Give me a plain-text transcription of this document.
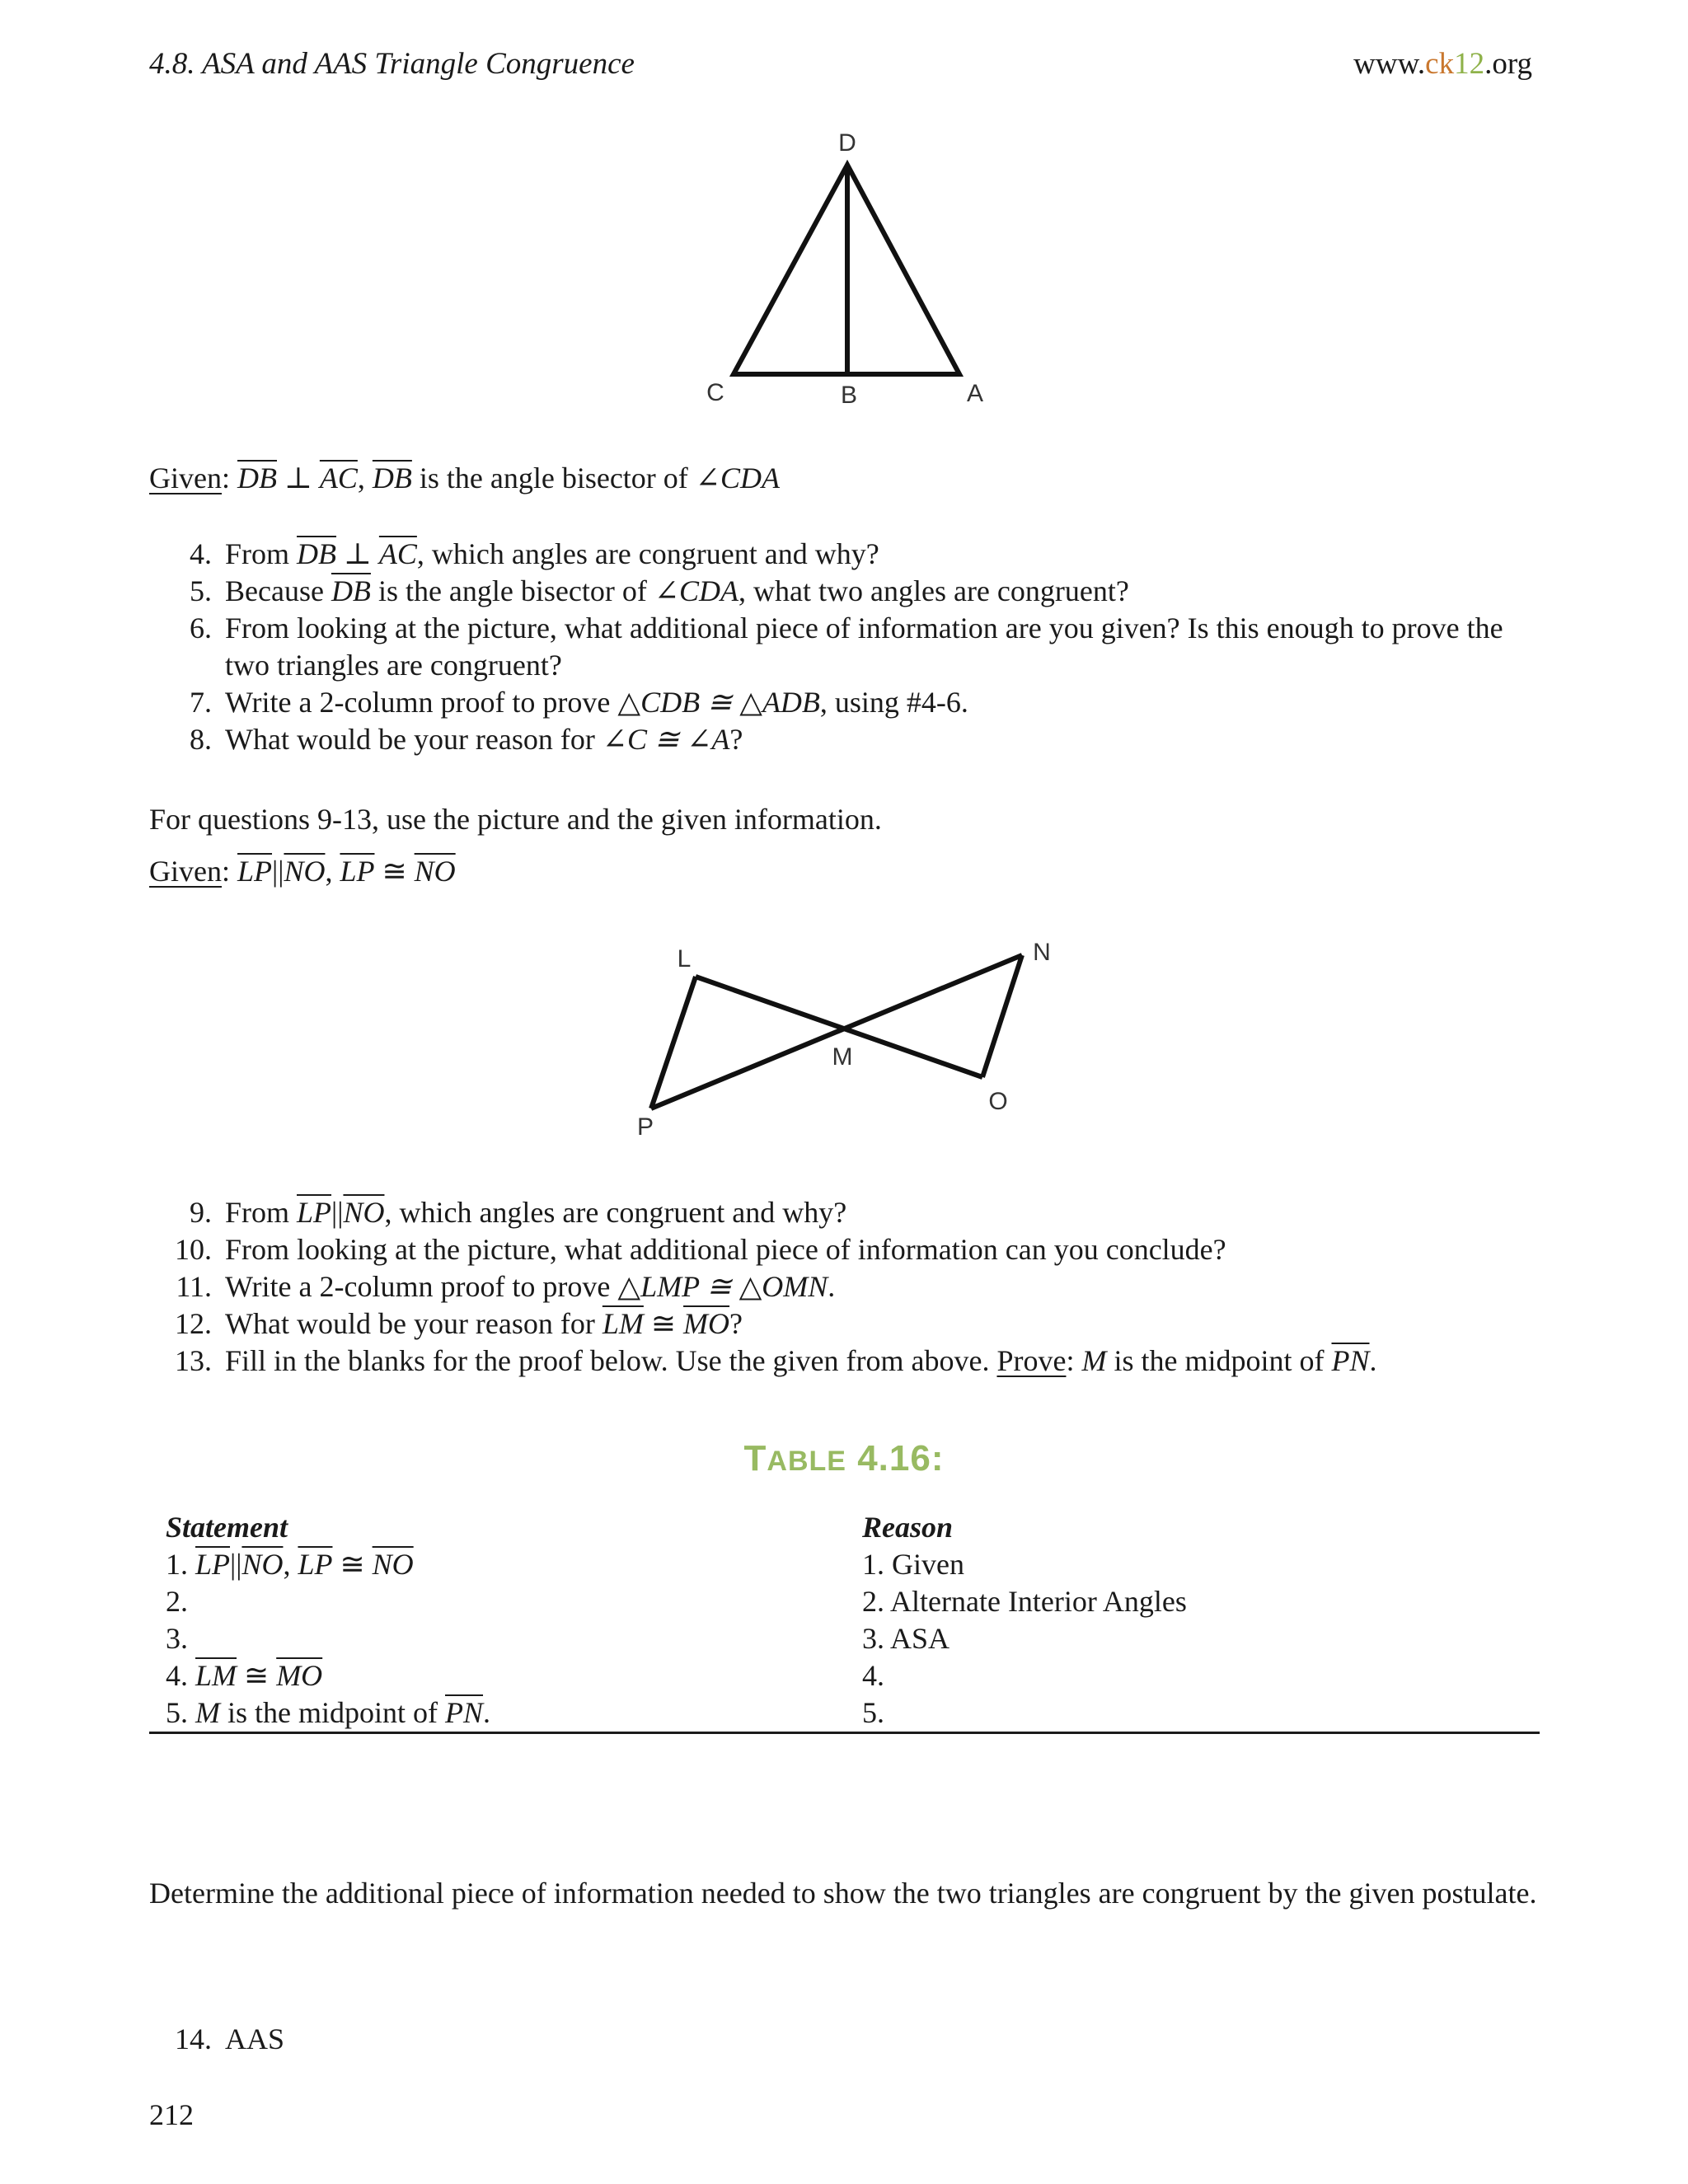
4.8. ASA and AAS Triangle Congruence	www.ck12.org
D
C	B	A
Given: $\overline{DB}$ ⊥ $\overline{AC}$, $\overline{DB}$ is the angle bisector of ∠CDA
4. From $\overline{DB}$ ⊥ $\overline{AC}$, which angles are congruent and why?
5. Because $\overline{DB}$ is the angle bisector of ∠CDA, what two angles are congruent?
6. From looking at the picture, what additional piece of information are you given? Is this enough to prove the two triangles are congruent?
7. Write a 2-column proof to prove △CDB ≅ △ADB, using #4-6.
8. What would be your reason for ∠C ≅ ∠A?
For questions 9-13, use the picture and the given information.
Given: $\overline{LP}||\overline{NO}$, $\overline{LP}$ ≅ $\overline{NO}$
L	N
M
O
P
9. From $\overline{LP}||\overline{NO}$, which angles are congruent and why?
10. From looking at the picture, what additional piece of information can you conclude?
11. Write a 2-column proof to prove △LMP ≅ △OMN.
12. What would be your reason for $\overline{LM}$ ≅ $\overline{MO}$?
13. Fill in the blanks for the proof below. Use the given from above. Prove: M is the midpoint of $\overline{PN}$.
TABLE 4.16:
Statement	Reason
1. $\overline{LP}||\overline{NO}$, $\overline{LP}$ ≅ $\overline{NO}$	1. Given
2.	2. Alternate Interior Angles
3.	3. ASA
4. $\overline{LM}$ ≅ $\overline{MO}$	4.
5. M is the midpoint of $\overline{PN}$.	5.
Determine the additional piece of information needed to show the two triangles are congruent by the given postulate.
14. AAS
212
